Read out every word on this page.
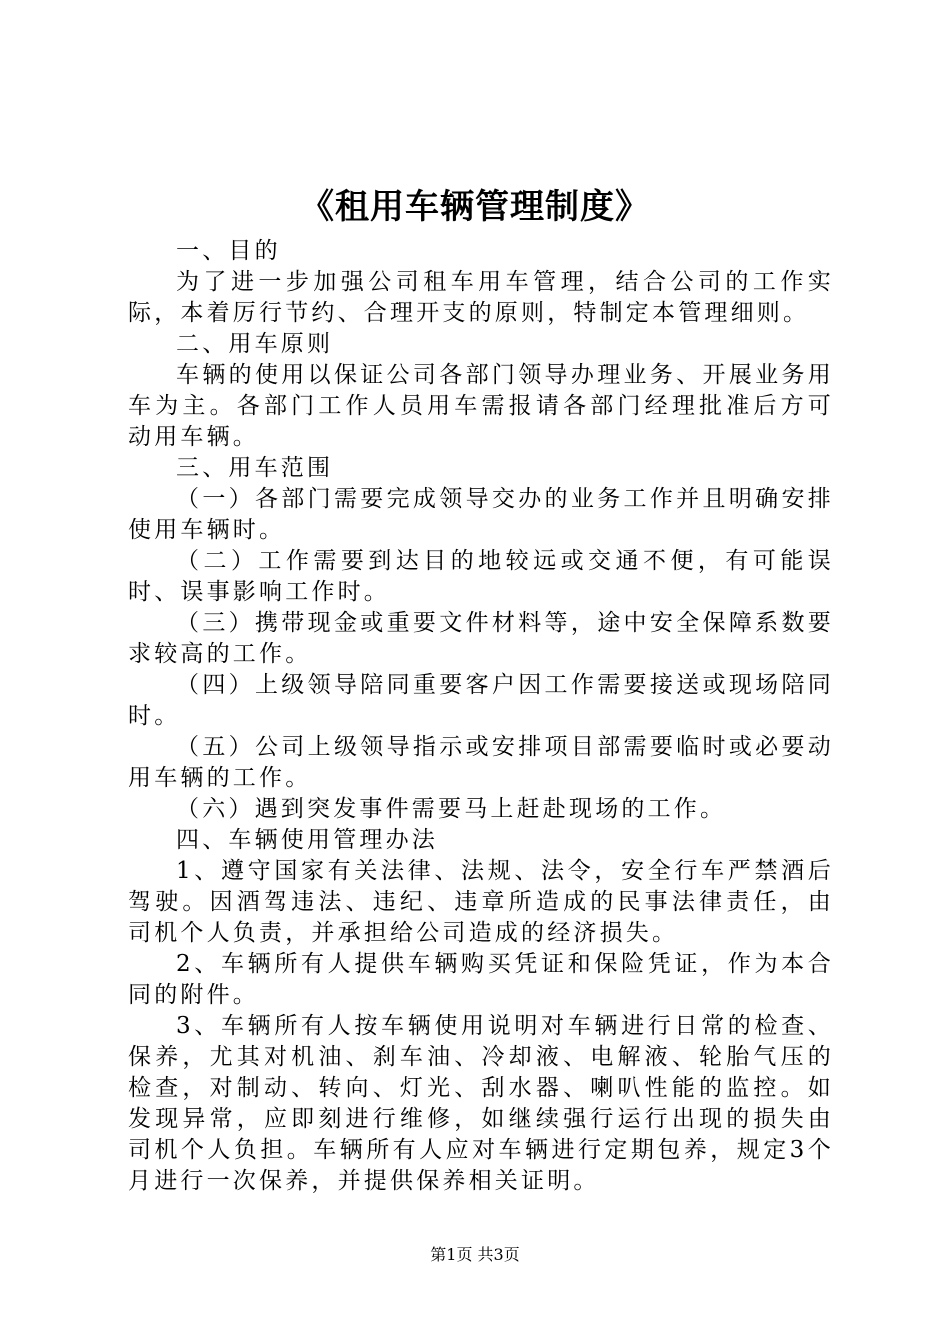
《租用车辆管理制度》

一、目的

为了进一步加强公司租车用车管理，结合公司的工作实际，本着厉行节约、合理开支的原则，特制定本管理细则。

二、用车原则

车辆的使用以保证公司各部门领导办理业务、开展业务用车为主。各部门工作人员用车需报请各部门经理批准后方可动用车辆。

三、用车范围

（一）各部门需要完成领导交办的业务工作并且明确安排使用车辆时。

（二）工作需要到达目的地较远或交通不便，有可能误时、误事影响工作时。

（三）携带现金或重要文件材料等，途中安全保障系数要求较高的工作。

（四）上级领导陪同重要客户因工作需要接送或现场陪同时。

（五）公司上级领导指示或安排项目部需要临时或必要动用车辆的工作。

（六）遇到突发事件需要马上赶赴现场的工作。

四、车辆使用管理办法

1、遵守国家有关法律、法规、法令，安全行车严禁酒后驾驶。因酒驾违法、违纪、违章所造成的民事法律责任，由司机个人负责，并承担给公司造成的经济损失。

2、车辆所有人提供车辆购买凭证和保险凭证，作为本合同的附件。

3、车辆所有人按车辆使用说明对车辆进行日常的检查、保养，尤其对机油、刹车油、冷却液、电解液、轮胎气压的检查，对制动、转向、灯光、刮水器、喇叭性能的监控。如发现异常，应即刻进行维修，如继续强行运行出现的损失由司机个人负担。车辆所有人应对车辆进行定期包养，规定3个月进行一次保养，并提供保养相关证明。

第1页 共3页
